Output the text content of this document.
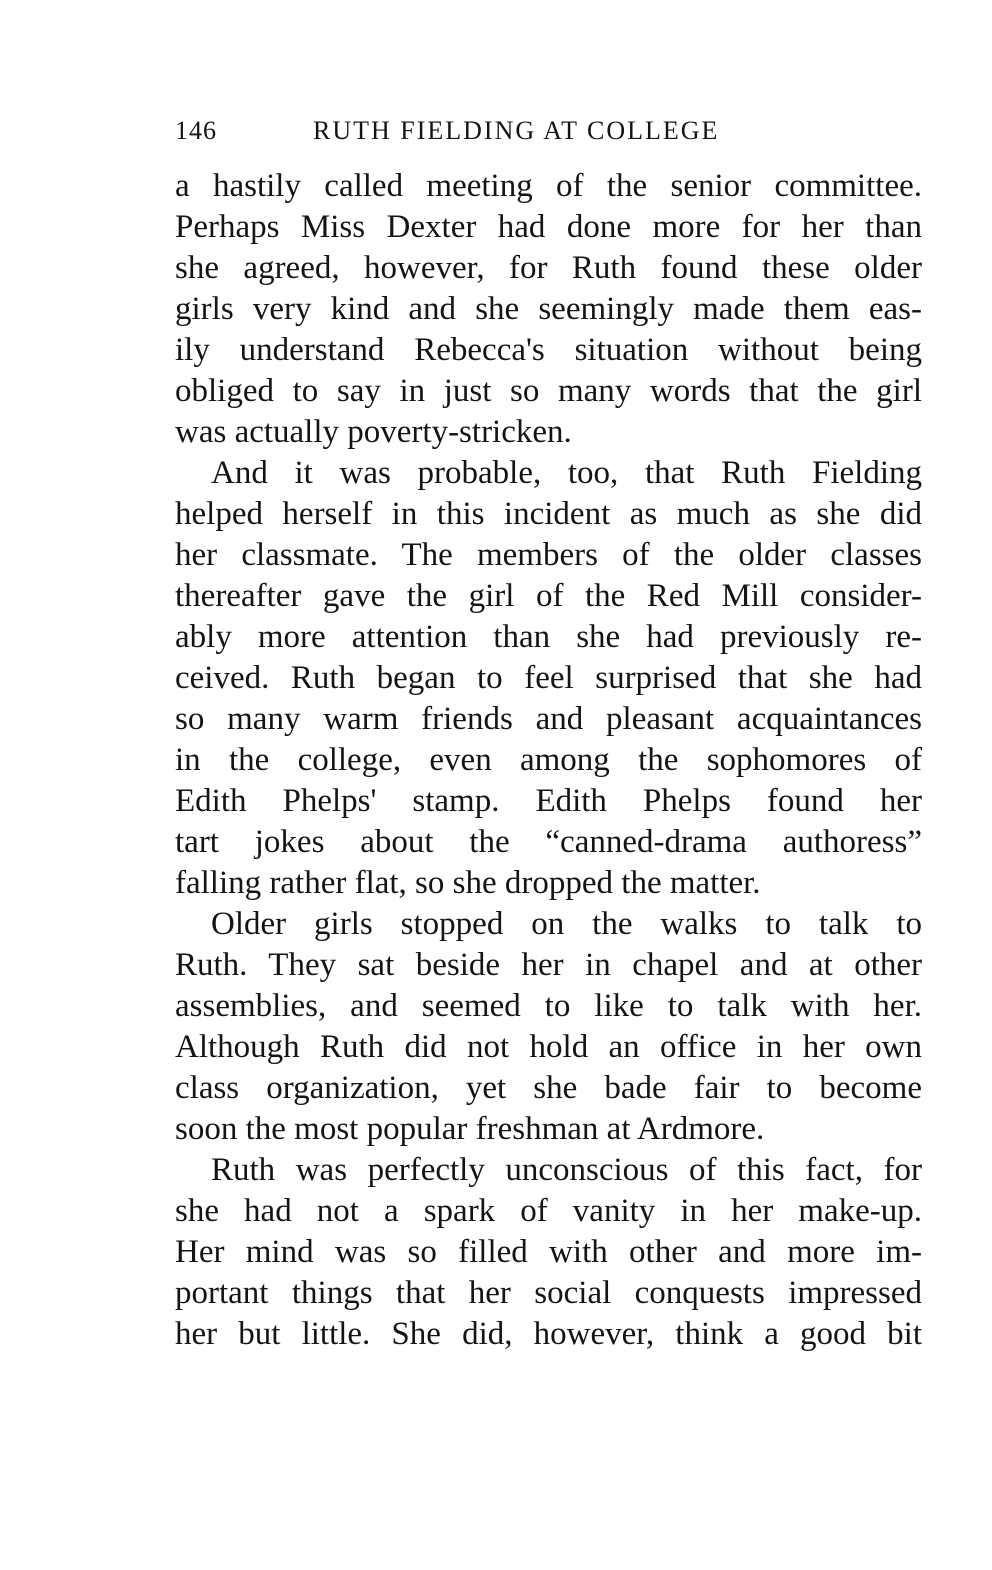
146	RUTH FIELDING AT COLLEGE
a hastily called meeting of the senior committee.
Perhaps Miss Dexter had done more for her than
she agreed, however, for Ruth found these older
girls very kind and she seemingly made them eas-
ily understand Rebecca's situation without being
obliged to say in just so many words that the girl
was actually poverty-stricken.
And it was probable, too, that Ruth Fielding
helped herself in this incident as much as she did
her classmate. The members of the older classes
thereafter gave the girl of the Red Mill consider-
ably more attention than she had previously re-
ceived. Ruth began to feel surprised that she had
so many warm friends and pleasant acquaintances
in the college, even among the sophomores of
Edith Phelps' stamp. Edith Phelps found her
tart jokes about the “canned-drama authoress”
falling rather flat, so she dropped the matter.
Older girls stopped on the walks to talk to
Ruth. They sat beside her in chapel and at other
assemblies, and seemed to like to talk with her.
Although Ruth did not hold an office in her own
class organization, yet she bade fair to become
soon the most popular freshman at Ardmore.
Ruth was perfectly unconscious of this fact, for
she had not a spark of vanity in her make-up.
Her mind was so filled with other and more im-
portant things that her social conquests impressed
her but little. She did, however, think a good bit
